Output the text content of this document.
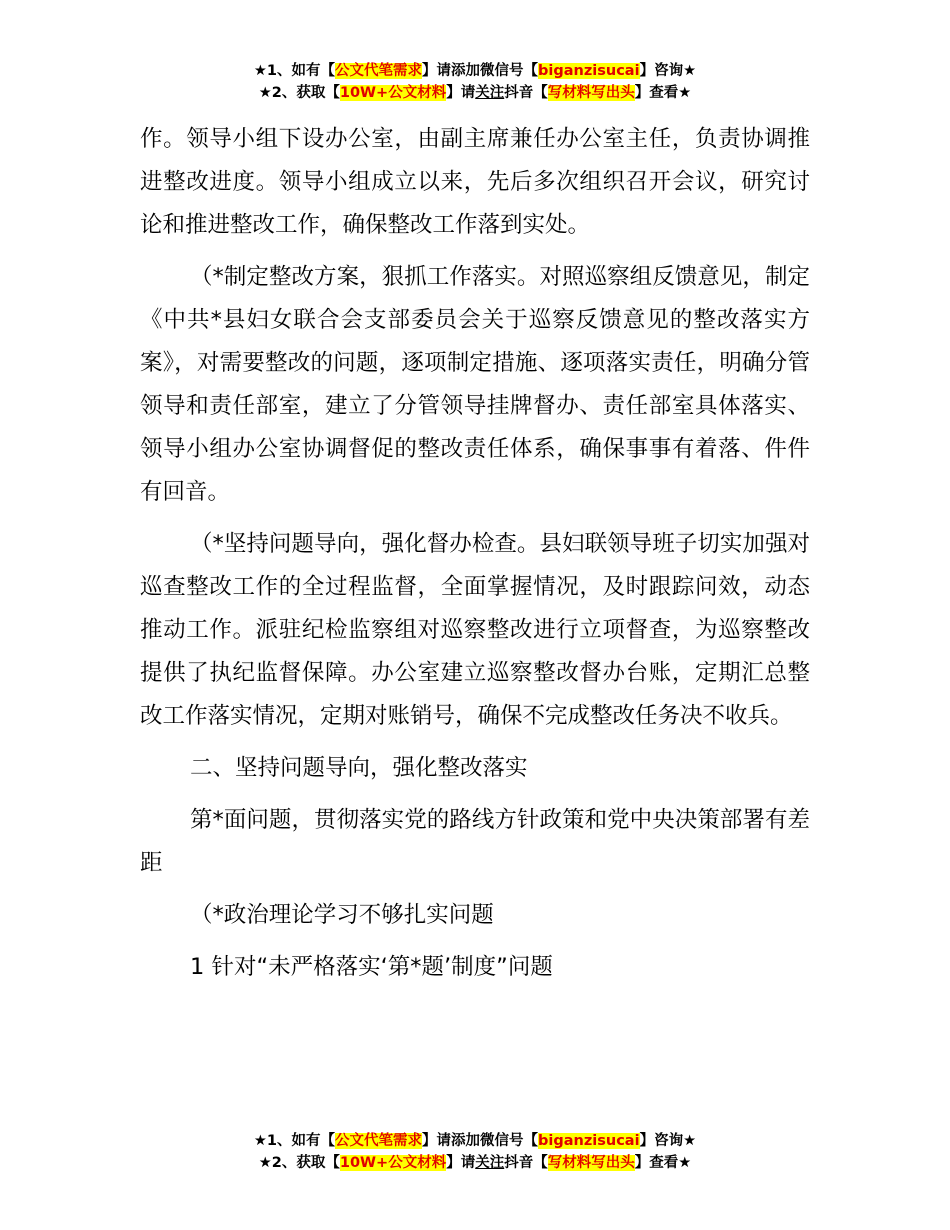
★1、如有【公文代笔需求】请添加微信号【biganzisucai】咨询★
★2、获取【10W+公文材料】请关注抖音【写材料写出头】查看★

作。领导小组下设办公室，由副主席兼任办公室主任，负责协调推进整改进度。领导小组成立以来，先后多次组织召开会议，研究讨论和推进整改工作，确保整改工作落到实处。

（*制定整改方案，狠抓工作落实。对照巡察组反馈意见，制定《中共*县妇女联合会支部委员会关于巡察反馈意见的整改落实方案》，对需要整改的问题，逐项制定措施、逐项落实责任，明确分管领导和责任部室，建立了分管领导挂牌督办、责任部室具体落实、领导小组办公室协调督促的整改责任体系，确保事事有着落、件件有回音。

（*坚持问题导向，强化督办检查。县妇联领导班子切实加强对巡查整改工作的全过程监督，全面掌握情况，及时跟踪问效，动态推动工作。派驻纪检监察组对巡察整改进行立项督查，为巡察整改提供了执纪监督保障。办公室建立巡察整改督办台账，定期汇总整改工作落实情况，定期对账销号，确保不完成整改任务决不收兵。

二、坚持问题导向，强化整改落实

第*面问题，贯彻落实党的路线方针政策和党中央决策部署有差距

（*政治理论学习不够扎实问题

1 针对“未严格落实‘第*题’制度”问题

★1、如有【公文代笔需求】请添加微信号【biganzisucai】咨询★
★2、获取【10W+公文材料】请关注抖音【写材料写出头】查看★
